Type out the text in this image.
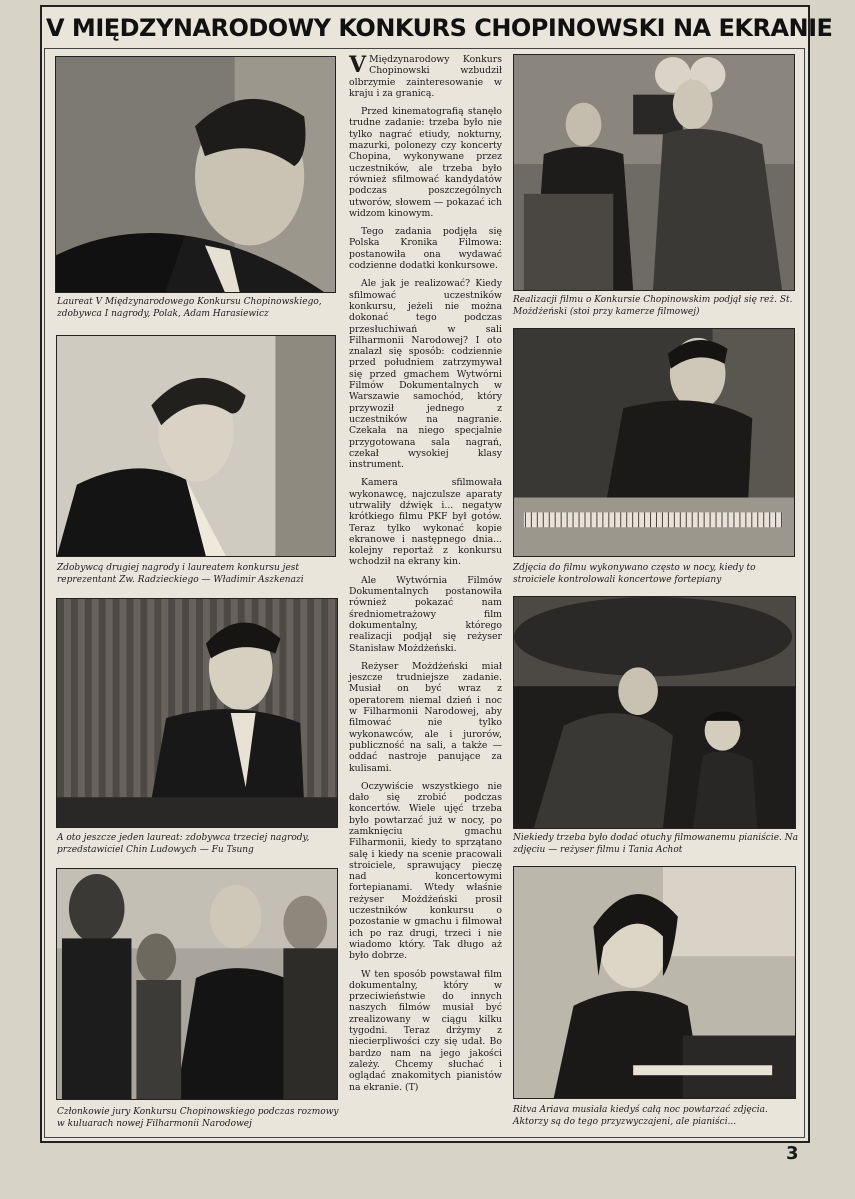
V MIĘDZYNARODOWY KONKURS CHOPINOWSKI NA EKRANIE
Laureat V Międzynarodowego Konkursu Chopinowskiego, zdobywca I nagrody, Polak, Adam Harasiewicz
Zdobywcą drugiej nagrody i laureatem konkursu jest reprezentant Zw. Radzieckiego — Władimir Aszkenazi
A oto jeszcze jeden laureat: zdobywca trzeciej nagrody, przedstawiciel Chin Ludowych — Fu Tsung
Członkowie jury Konkursu Chopinowskiego podczas rozmowy w kuluarach nowej Filharmonii Narodowej

V Międzynarodowy Konkurs Chopinowski wzbudził olbrzymie zainteresowanie w kraju i za granicą.

Przed kinematografią stanęło trudne zadanie: trzeba było nie tylko nagrać etiudy, nokturny, mazurki, polonezy czy koncerty Chopina, wykonywane przez uczestników, ale trzeba było również sfilmować kandydatów podczas poszczególnych utworów, słowem — pokazać ich widzom kinowym.

Tego zadania podjęła się Polska Kronika Filmowa: postanowiła ona wydawać codzienne dodatki konkursowe.

Ale jak je realizować? Kiedy sfilmować uczestników konkursu, jeżeli nie można dokonać tego podczas przesłuchiwań w sali Filharmonii Narodowej? I oto znalazł się sposób: codziennie przed południem zatrzymywał się przed gmachem Wytwórni Filmów Dokumentalnych w Warszawie samochód, który przywoził jednego z uczestników na nagranie. Czekała na niego specjalnie przygotowana sala nagrań, czekał wysokiej klasy instrument.

Kamera sfilmowała wykonawcę, najczulsze aparaty utrwaliły dźwięk i... negatyw krótkiego filmu PKF był gotów. Teraz tylko wykonać kopie ekranowe i następnego dnia... kolejny reportaż z konkursu wchodził na ekrany kin.

Ale Wytwórnia Filmów Dokumentalnych postanowiła również pokazać nam średniometrażowy film dokumentalny, którego realizacji podjął się reżyser Stanisław Możdżeński.

Reżyser Możdżeński miał jeszcze trudniejsze zadanie. Musiał on być wraz z operatorem niemal dzień i noc w Filharmonii Narodowej, aby filmować nie tylko wykonawców, ale i jurorów, publiczność na sali, a także — oddać nastroje panujące za kulisami.

Oczywiście wszystkiego nie dało się zrobić podczas koncertów. Wiele ujęć trzeba było powtarzać już w nocy, po zamknięciu gmachu Filharmonii, kiedy to sprzątano salę i kiedy na scenie pracowali stroiciele, sprawujący pieczę nad koncertowymi fortepianami. Wtedy właśnie reżyser Możdżeński prosił uczestników konkursu o pozostanie w gmachu i filmował ich po raz drugi, trzeci i nie wiadomo który. Tak długo aż było dobrze.

W ten sposób powstawał film dokumentalny, który w przeciwieństwie do innych naszych filmów musiał być zrealizowany w ciągu kilku tygodni. Teraz drżymy z niecierpliwości czy się udał. Bo bardzo nam na jego jakości zależy. Chcemy słuchać i oglądać znakomitych pianistów na ekranie. (T)

Realizacji filmu o Konkursie Chopinowskim podjął się reż. St. Możdżeński (stoi przy kamerze filmowej)
Zdjęcia do filmu wykonywano często w nocy, kiedy to stroiciele kontrolowali koncertowe fortepiany
Niekiedy trzeba było dodać otuchy filmowanemu pianiście. Na zdjęciu — reżyser filmu i Tania Achot
Ritva Ariava musiała kiedyś całą noc powtarzać zdjęcia. Aktorzy są do tego przyzwyczajeni, ale pianiści...
3
